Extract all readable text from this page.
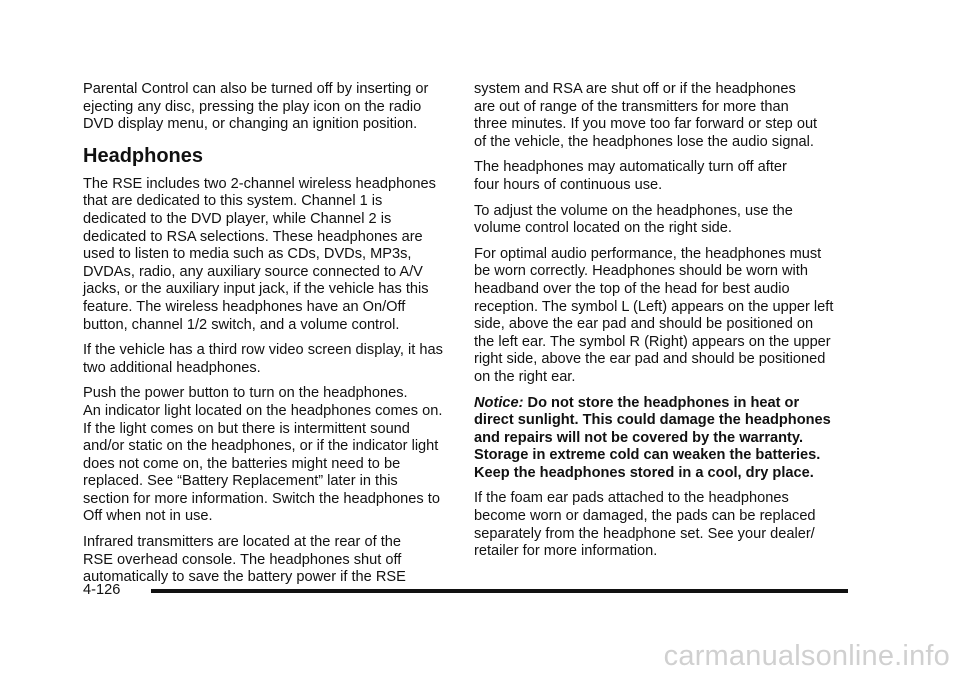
Parental Control can also be turned off by inserting or
ejecting any disc, pressing the play icon on the radio
DVD display menu, or changing an ignition position.

Headphones

The RSE includes two 2-channel wireless headphones
that are dedicated to this system. Channel 1 is
dedicated to the DVD player, while Channel 2 is
dedicated to RSA selections. These headphones are
used to listen to media such as CDs, DVDs, MP3s,
DVDAs, radio, any auxiliary source connected to A/V
jacks, or the auxiliary input jack, if the vehicle has this
feature. The wireless headphones have an On/Off
button, channel 1/2 switch, and a volume control.

If the vehicle has a third row video screen display, it has
two additional headphones.

Push the power button to turn on the headphones.
An indicator light located on the headphones comes on.
If the light comes on but there is intermittent sound
and/or static on the headphones, or if the indicator light
does not come on, the batteries might need to be
replaced. See “Battery Replacement” later in this
section for more information. Switch the headphones to
Off when not in use.

Infrared transmitters are located at the rear of the
RSE overhead console. The headphones shut off
automatically to save the battery power if the RSE

system and RSA are shut off or if the headphones
are out of range of the transmitters for more than
three minutes. If you move too far forward or step out
of the vehicle, the headphones lose the audio signal.

The headphones may automatically turn off after
four hours of continuous use.

To adjust the volume on the headphones, use the
volume control located on the right side.

For optimal audio performance, the headphones must
be worn correctly. Headphones should be worn with
headband over the top of the head for best audio
reception. The symbol L (Left) appears on the upper left
side, above the ear pad and should be positioned on
the left ear. The symbol R (Right) appears on the upper
right side, above the ear pad and should be positioned
on the right ear.

Notice: Do not store the headphones in heat or
direct sunlight. This could damage the headphones
and repairs will not be covered by the warranty.
Storage in extreme cold can weaken the batteries.
Keep the headphones stored in a cool, dry place.

If the foam ear pads attached to the headphones
become worn or damaged, the pads can be replaced
separately from the headphone set. See your dealer/
retailer for more information.

4-126
carmanualsonline.info
